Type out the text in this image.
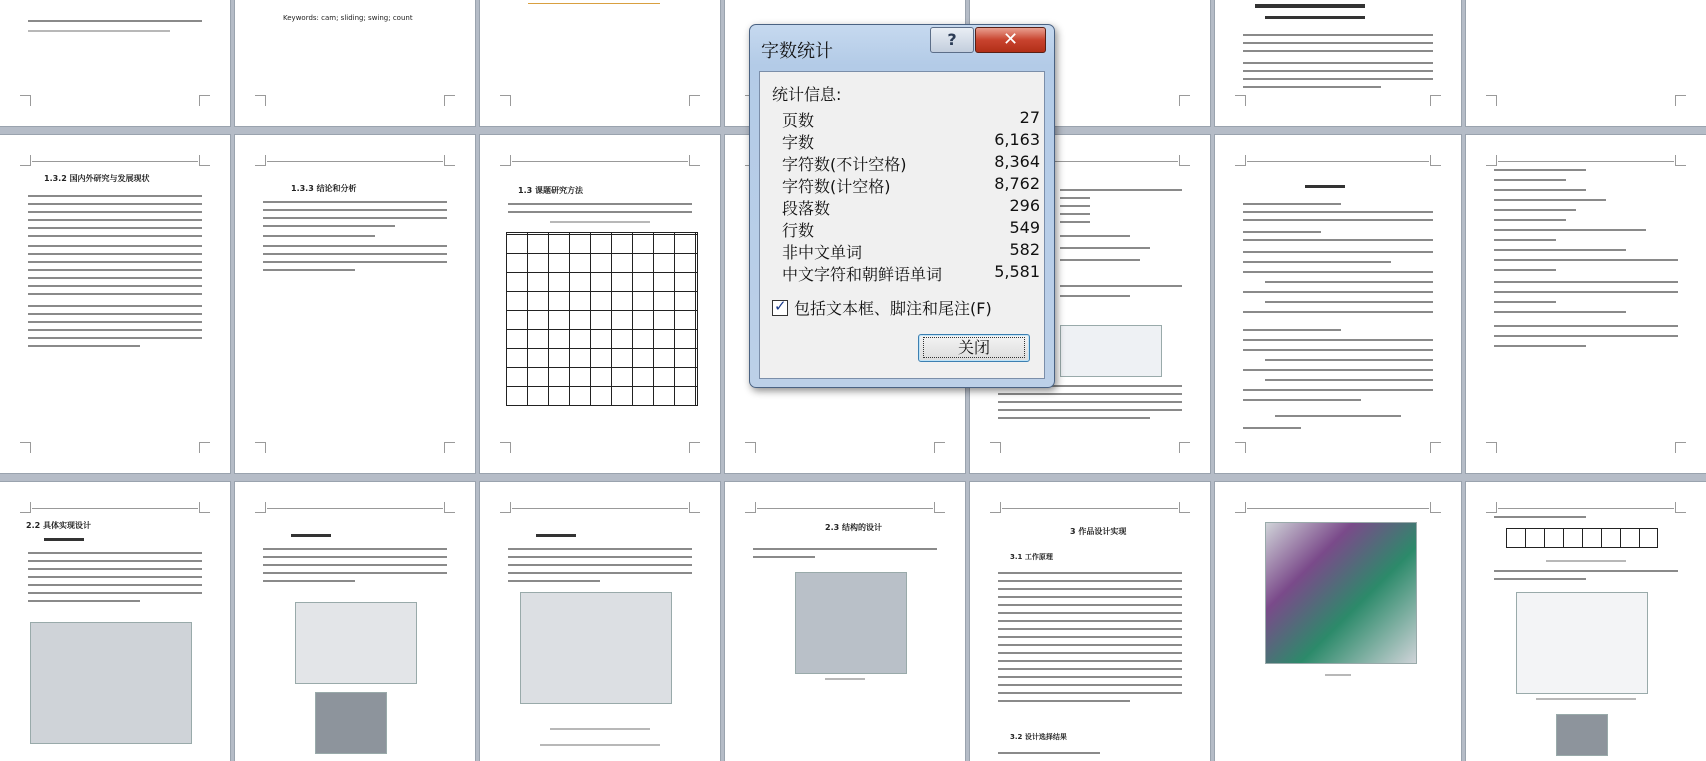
Keywords: cam; sliding; swing; count
1.3.2 国内外研究与发展现状
1.3.3 结论和分析	1.3 课题研究方法
2.2 具体实现设计	2.3 结构的设计	3 作品设计实现
3.1 工作原理
3.2 设计选择结果
字数统计
?	✕
统计信息:
页数	27
字数	6,163
字符数(不计空格)	8,364
字符数(计空格)	8,762
段落数	296
行数	549
非中文单词	582
中文字符和朝鲜语单词	5,581
✓包括文本框、脚注和尾注(F)
关闭
